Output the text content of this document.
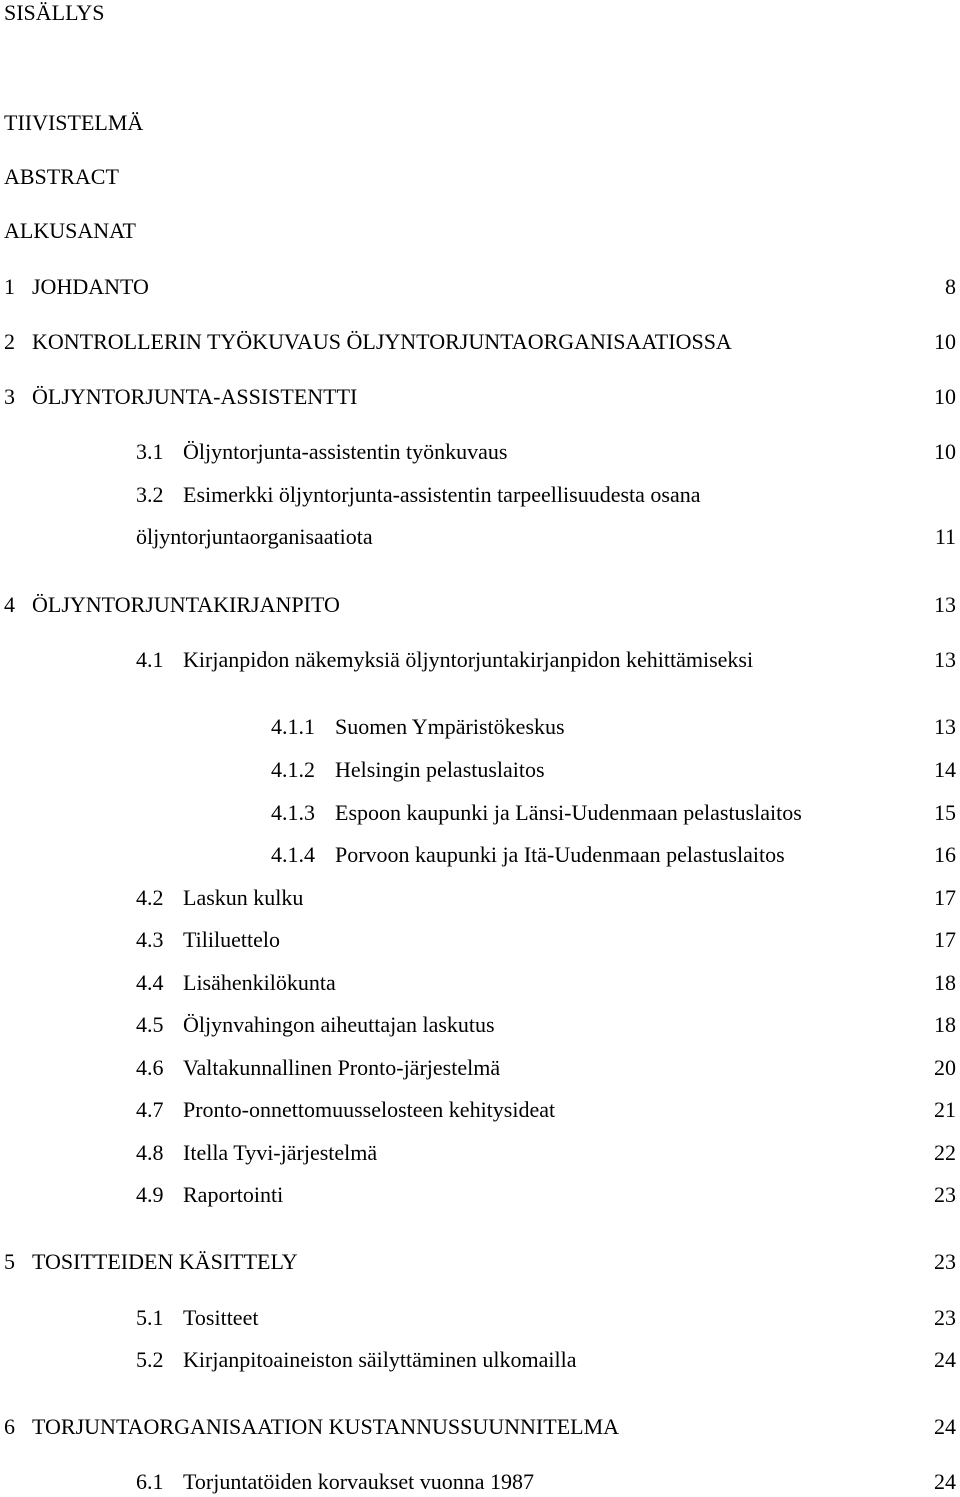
SISÄLLYS
TIIVISTELMÄ
ABSTRACT
ALKUSANAT
1 JOHDANTO	8
2 KONTROLLERIN TYÖKUVAUS ÖLJYNTORJUNTAORGANISAATIOSSA	10
3 ÖLJYNTORJUNTA-ASSISTENTTI	10
3.1 Öljyntorjunta-assistentin työnkuvaus	10
3.2 Esimerkki öljyntorjunta-assistentin tarpeellisuudesta osana
öljyntorjuntaorganisaatiota	11
4 ÖLJYNTORJUNTAKIRJANPITO	13
4.1 Kirjanpidon näkemyksiä öljyntorjuntakirjanpidon kehittämiseksi	13
4.1.1 Suomen Ympäristökeskus	13
4.1.2 Helsingin pelastuslaitos	14
4.1.3 Espoon kaupunki ja Länsi-Uudenmaan pelastuslaitos	15
4.1.4 Porvoon kaupunki ja Itä-Uudenmaan pelastuslaitos	16
4.2 Laskun kulku	17
4.3 Tililuettelo	17
4.4 Lisähenkilökunta	18
4.5 Öljynvahingon aiheuttajan laskutus	18
4.6 Valtakunnallinen Pronto-järjestelmä	20
4.7 Pronto-onnettomuusselosteen kehitysideat	21
4.8 Itella Tyvi-järjestelmä	22
4.9 Raportointi	23
5 TOSITTEIDEN KÄSITTELY	23
5.1 Tositteet	23
5.2 Kirjanpitoaineiston säilyttäminen ulkomailla	24
6 TORJUNTAORGANISAATION KUSTANNUSSUUNNITELMA	24
6.1 Torjuntatöiden korvaukset vuonna 1987	24
